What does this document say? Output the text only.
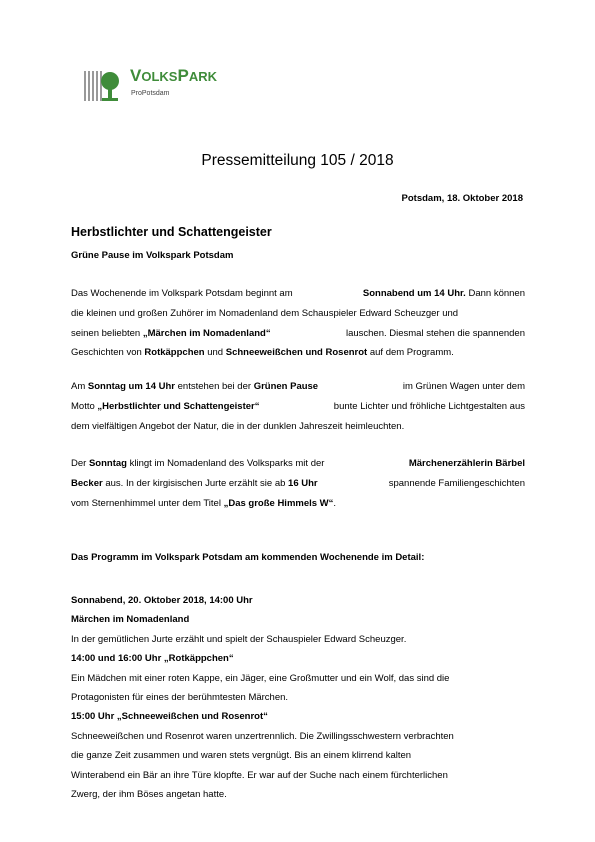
VOLKSPARK
ProPotsdam
Pressemitteilung 105 / 2018
Potsdam, 18. Oktober 2018
Herbstlichter und Schattengeister
Grüne Pause im Volkspark Potsdam
Das Wochenende im Volkspark Potsdam beginnt am	Sonnabend um 14 Uhr. Dann können
die kleinen und großen Zuhörer im Nomadenland dem Schauspieler Edward Scheuzger und
seinen beliebten „Märchen im Nomadenland“	lauschen. Diesmal stehen die spannenden
Geschichten von Rotkäppchen und Schneeweißchen und Rosenrot auf dem Programm.
Am Sonntag um 14 Uhr entstehen bei der Grünen Pause	im Grünen Wagen unter dem
Motto „Herbstlichter und Schattengeister“	bunte Lichter und fröhliche Lichtgestalten aus
dem vielfältigen Angebot der Natur, die in der dunklen Jahreszeit heimleuchten.
Der Sonntag klingt im Nomadenland des Volksparks mit der	Märchenerzählerin Bärbel
Becker aus. In der kirgisischen Jurte erzählt sie ab 16 Uhr	spannende Familiengeschichten
vom Sternenhimmel unter dem Titel „Das große Himmels W“.
Das Programm im Volkspark Potsdam am kommenden Wochenende im Detail:
Sonnabend, 20. Oktober 2018, 14:00 Uhr
Märchen im Nomadenland
In der gemütlichen Jurte erzählt und spielt der Schauspieler Edward Scheuzger.
14:00 und 16:00 Uhr „Rotkäppchen“
Ein Mädchen mit einer roten Kappe, ein Jäger, eine Großmutter und ein Wolf, das sind die
Protagonisten für eines der berühmtesten Märchen.
15:00 Uhr „Schneeweißchen und Rosenrot“
Schneeweißchen und Rosenrot waren unzertrennlich. Die Zwillingsschwestern verbrachten
die ganze Zeit zusammen und waren stets vergnügt. Bis an einem klirrend kalten
Winterabend ein Bär an ihre Türe klopfte. Er war auf der Suche nach einem fürchterlichen
Zwerg, der ihm Böses angetan hatte.
